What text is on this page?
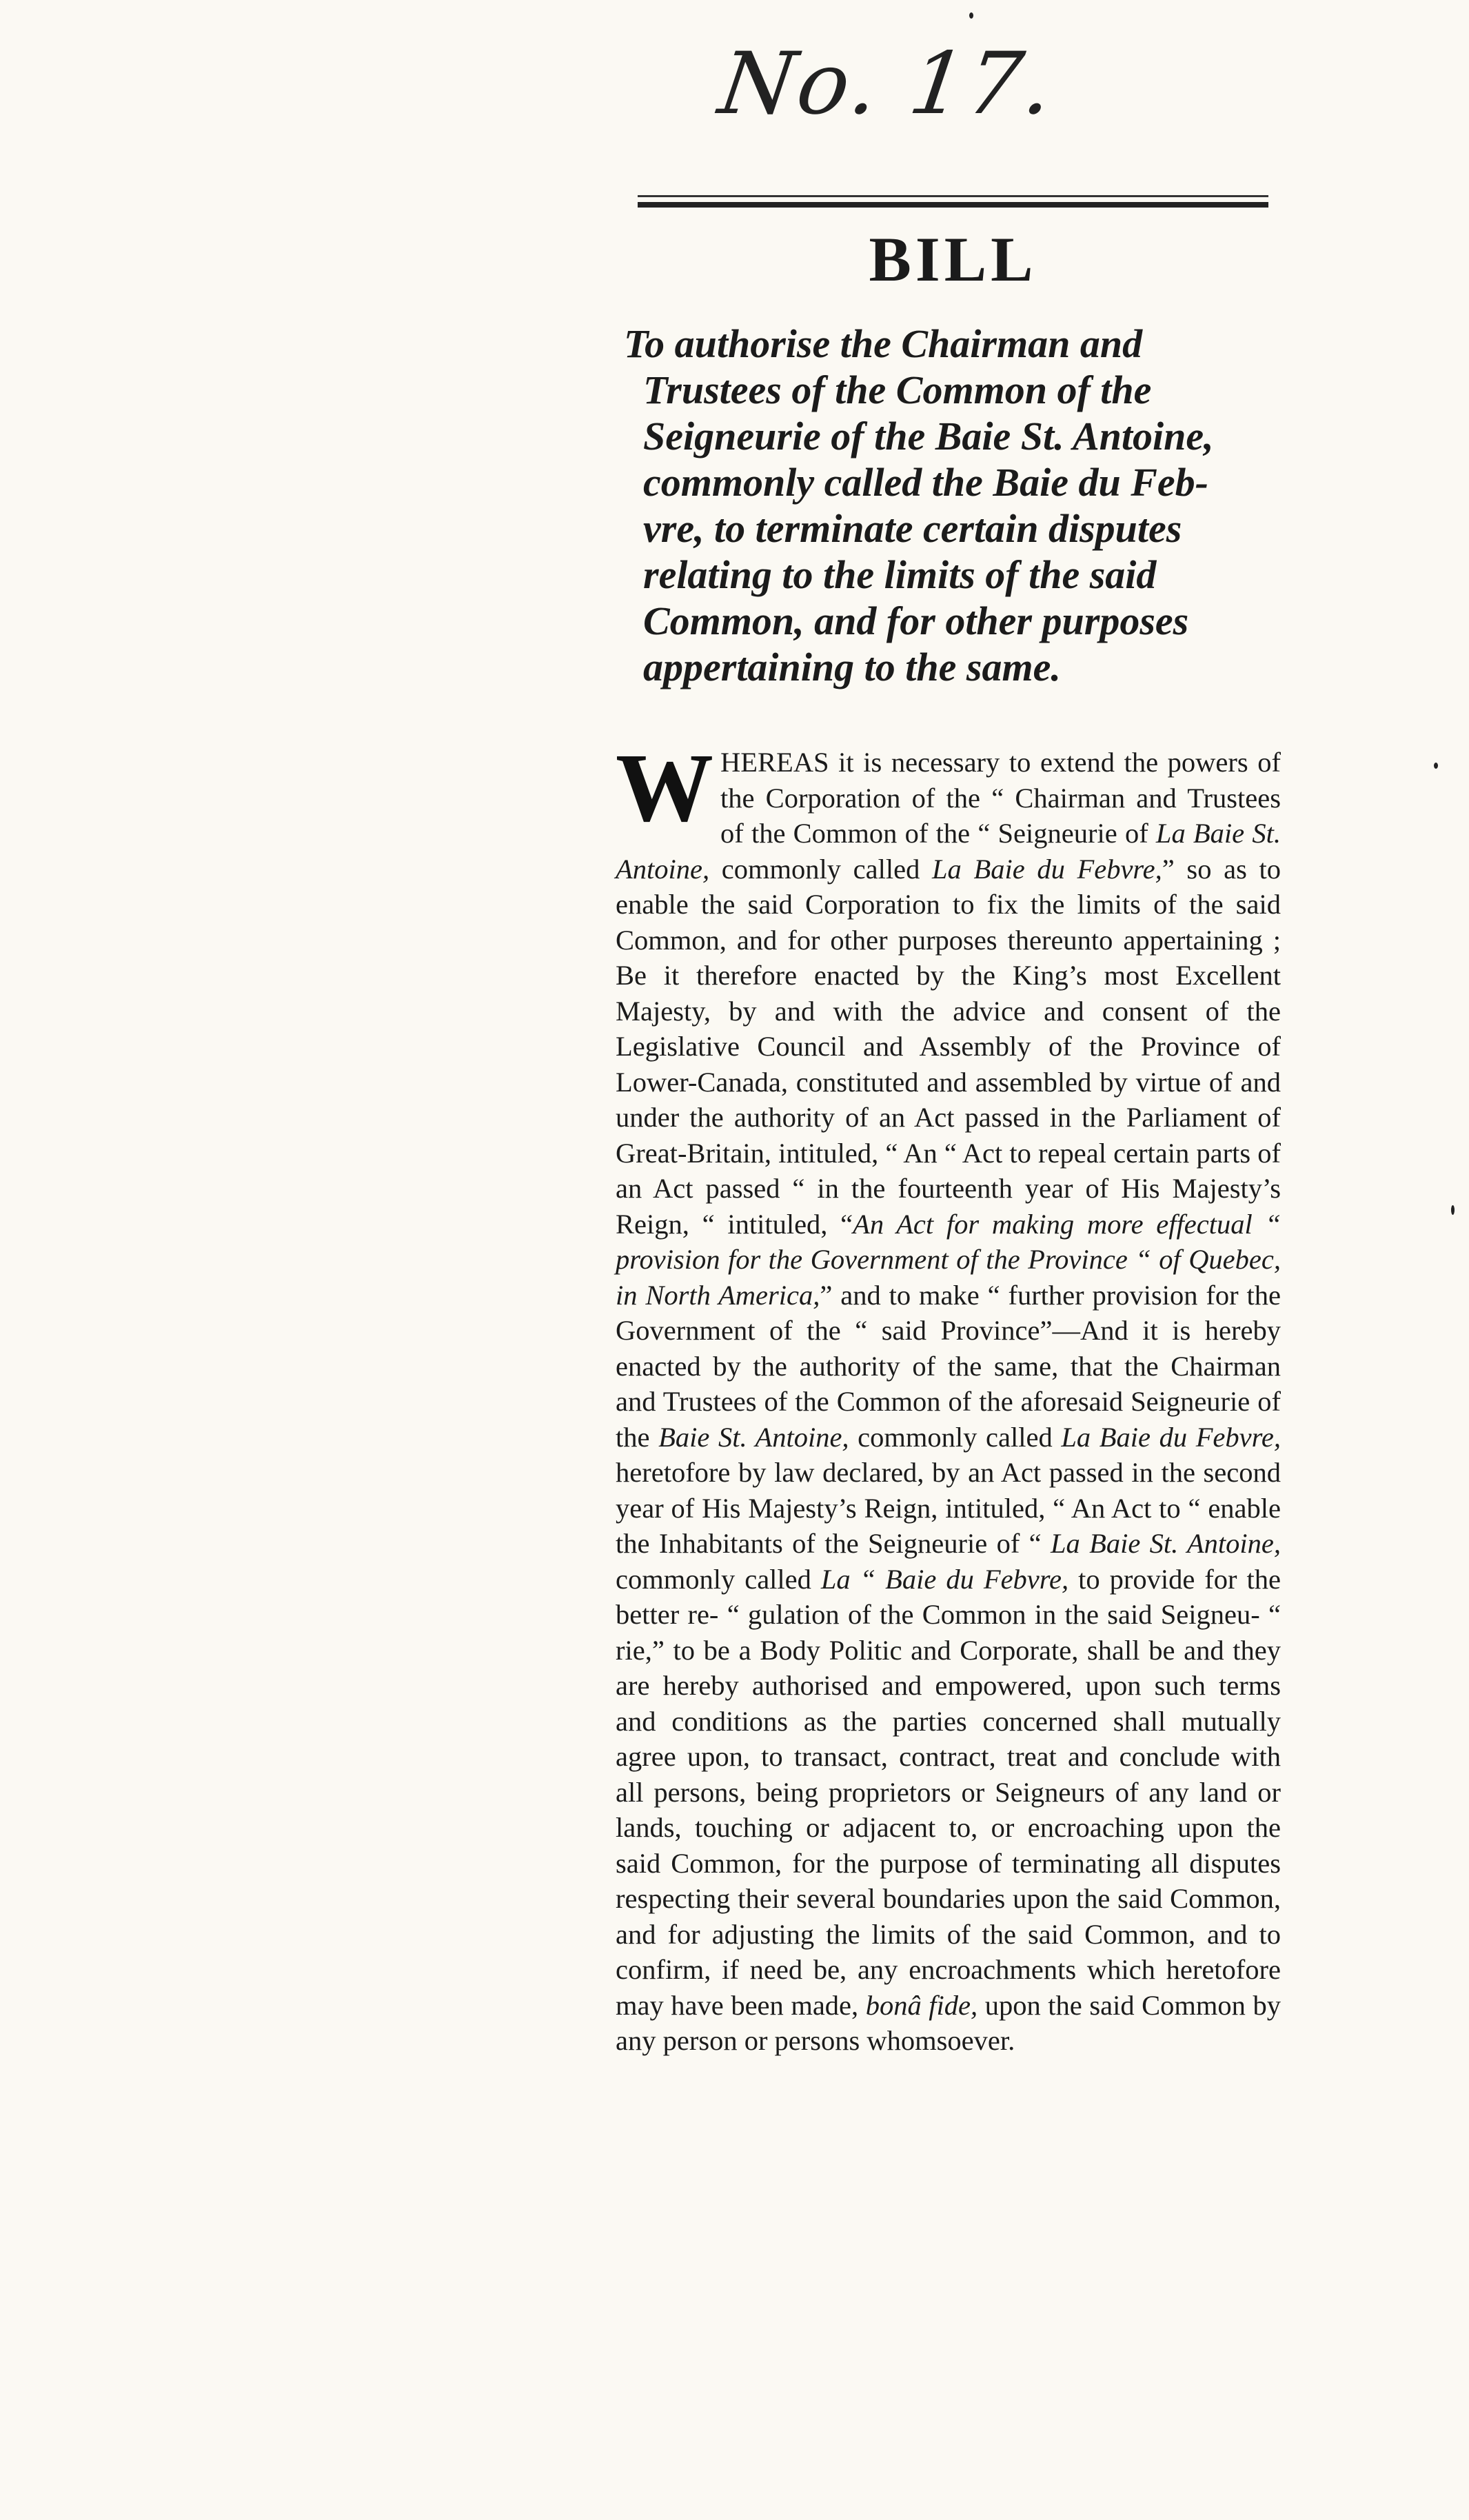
No. 17.
BILL
To authorise the Chairman and
Trustees of the Common of the
Seigneurie of the Baie St. Antoine,
commonly called the Baie du Feb-
vre, to terminate certain disputes
relating to the limits of the said
Common, and for other purposes
appertaining to the same.
WHEREAS it is necessary to extend the powers of the Corporation of the “ Chairman and Trustees of the Common of the “ Seigneurie of La Baie St. Antoine, commonly called La Baie du Febvre,” so as to enable the said Corporation to fix the limits of the said Common, and for other purposes thereunto appertaining ; Be it therefore enacted by the King’s most Excellent Majesty, by and with the advice and consent of the Legislative Council and Assembly of the Province of Lower-Canada, constituted and assembled by virtue of and under the authority of an Act passed in the Parliament of Great-Britain, intituled, “ An “ Act to repeal certain parts of an Act passed “ in the fourteenth year of His Majesty’s Reign, “ intituled, “An Act for making more effectual “ provision for the Government of the Province “ of Quebec, in North America,” and to make “ further provision for the Government of the “ said Province”—And it is hereby enacted by the authority of the same, that the Chairman and Trustees of the Common of the aforesaid Seigneurie of the Baie St. Antoine, commonly called La Baie du Febvre, heretofore by law declared, by an Act passed in the second year of His Majesty’s Reign, intituled, “ An Act to “ enable the Inhabitants of the Seigneurie of “ La Baie St. Antoine, commonly called La “ Baie du Febvre, to provide for the better re- “ gulation of the Common in the said Seigneu- “ rie,” to be a Body Politic and Corporate, shall be and they are hereby authorised and empowered, upon such terms and conditions as the parties concerned shall mutually agree upon, to transact, contract, treat and conclude with all persons, being proprietors or Seigneurs of any land or lands, touching or adjacent to, or encroaching upon the said Common, for the purpose of terminating all disputes respecting their several boundaries upon the said Common, and for adjusting the limits of the said Common, and to confirm, if need be, any encroachments which heretofore may have been made, bonâ fide, upon the said Common by any person or persons whomsoever.
